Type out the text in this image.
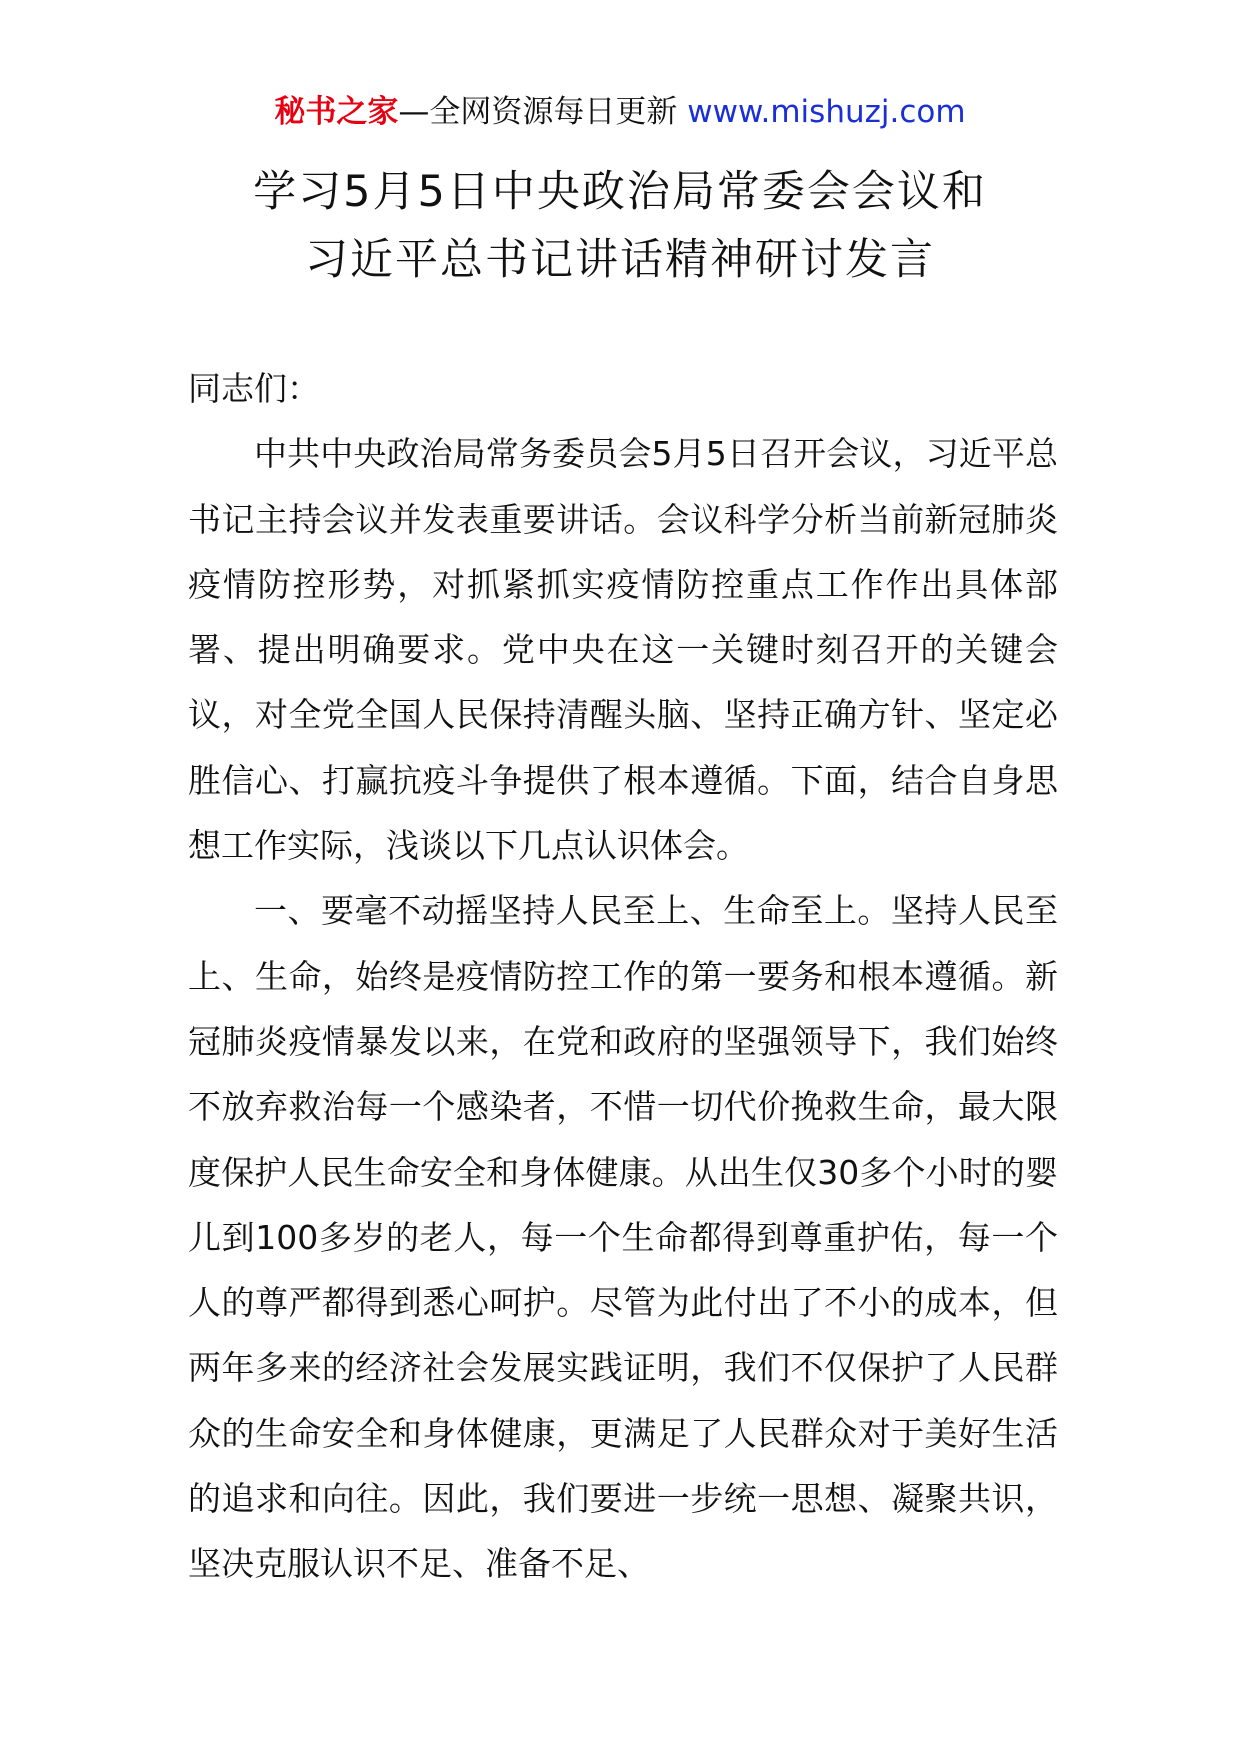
秘书之家—全网资源每日更新 www.mishuzj.com
学习5月5日中央政治局常委会会议和
习近平总书记讲话精神研讨发言

同志们：

中共中央政治局常务委员会5月5日召开会议，习近平总书记主持会议并发表重要讲话。会议科学分析当前新冠肺炎疫情防控形势，对抓紧抓实疫情防控重点工作作出具体部署、提出明确要求。党中央在这一关键时刻召开的关键会议，对全党全国人民保持清醒头脑、坚持正确方针、坚定必胜信心、打赢抗疫斗争提供了根本遵循。下面，结合自身思想工作实际，浅谈以下几点认识体会。

一、要毫不动摇坚持人民至上、生命至上。坚持人民至上、生命，始终是疫情防控工作的第一要务和根本遵循。新冠肺炎疫情暴发以来，在党和政府的坚强领导下，我们始终不放弃救治每一个感染者，不惜一切代价挽救生命，最大限度保护人民生命安全和身体健康。从出生仅30多个小时的婴儿到100多岁的老人，每一个生命都得到尊重护佑，每一个人的尊严都得到悉心呵护。尽管为此付出了不小的成本，但两年多来的经济社会发展实践证明，我们不仅保护了人民群众的生命安全和身体健康，更满足了人民群众对于美好生活的追求和向往。因此，我们要进一步统一思想、凝聚共识，坚决克服认识不足、准备不足、
